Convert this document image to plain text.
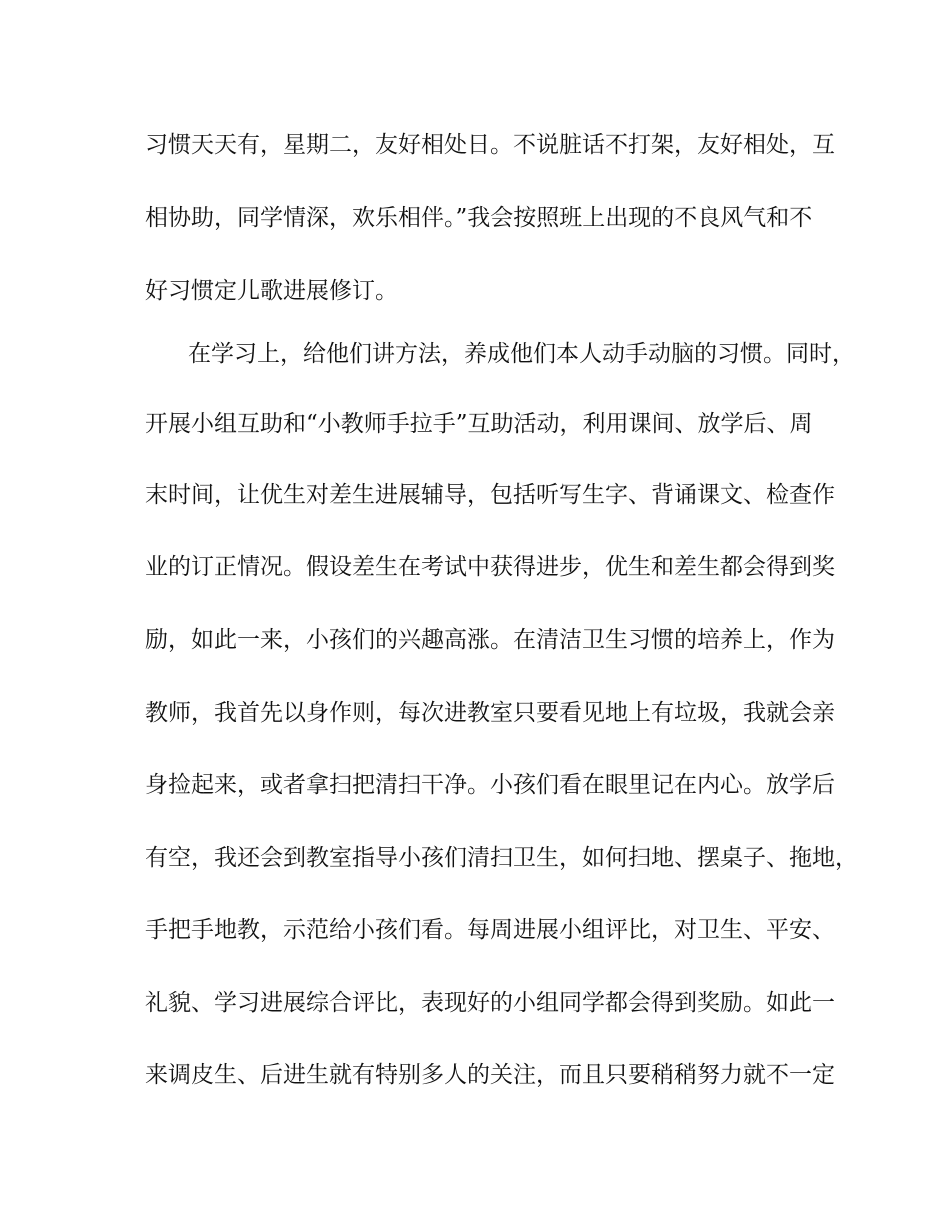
习惯天天有，星期二，友好相处日。不说脏话不打架，友好相处，互
相协助，同学情深，欢乐相伴。”我会按照班上出现的不良风气和不
好习惯定儿歌进展修订。
在学习上，给他们讲方法，养成他们本人动手动脑的习惯。同时，
开展小组互助和“小教师手拉手”互助活动，利用课间、放学后、周
末时间，让优生对差生进展辅导，包括听写生字、背诵课文、检查作
业的订正情况。假设差生在考试中获得进步，优生和差生都会得到奖
励，如此一来，小孩们的兴趣高涨。在清洁卫生习惯的培养上，作为
教师，我首先以身作则，每次进教室只要看见地上有垃圾，我就会亲
身捡起来，或者拿扫把清扫干净。小孩们看在眼里记在内心。放学后
有空，我还会到教室指导小孩们清扫卫生，如何扫地、摆桌子、拖地，
手把手地教，示范给小孩们看。每周进展小组评比，对卫生、平安、
礼貌、学习进展综合评比，表现好的小组同学都会得到奖励。如此一
来调皮生、后进生就有特别多人的关注，而且只要稍稍努力就不一定
